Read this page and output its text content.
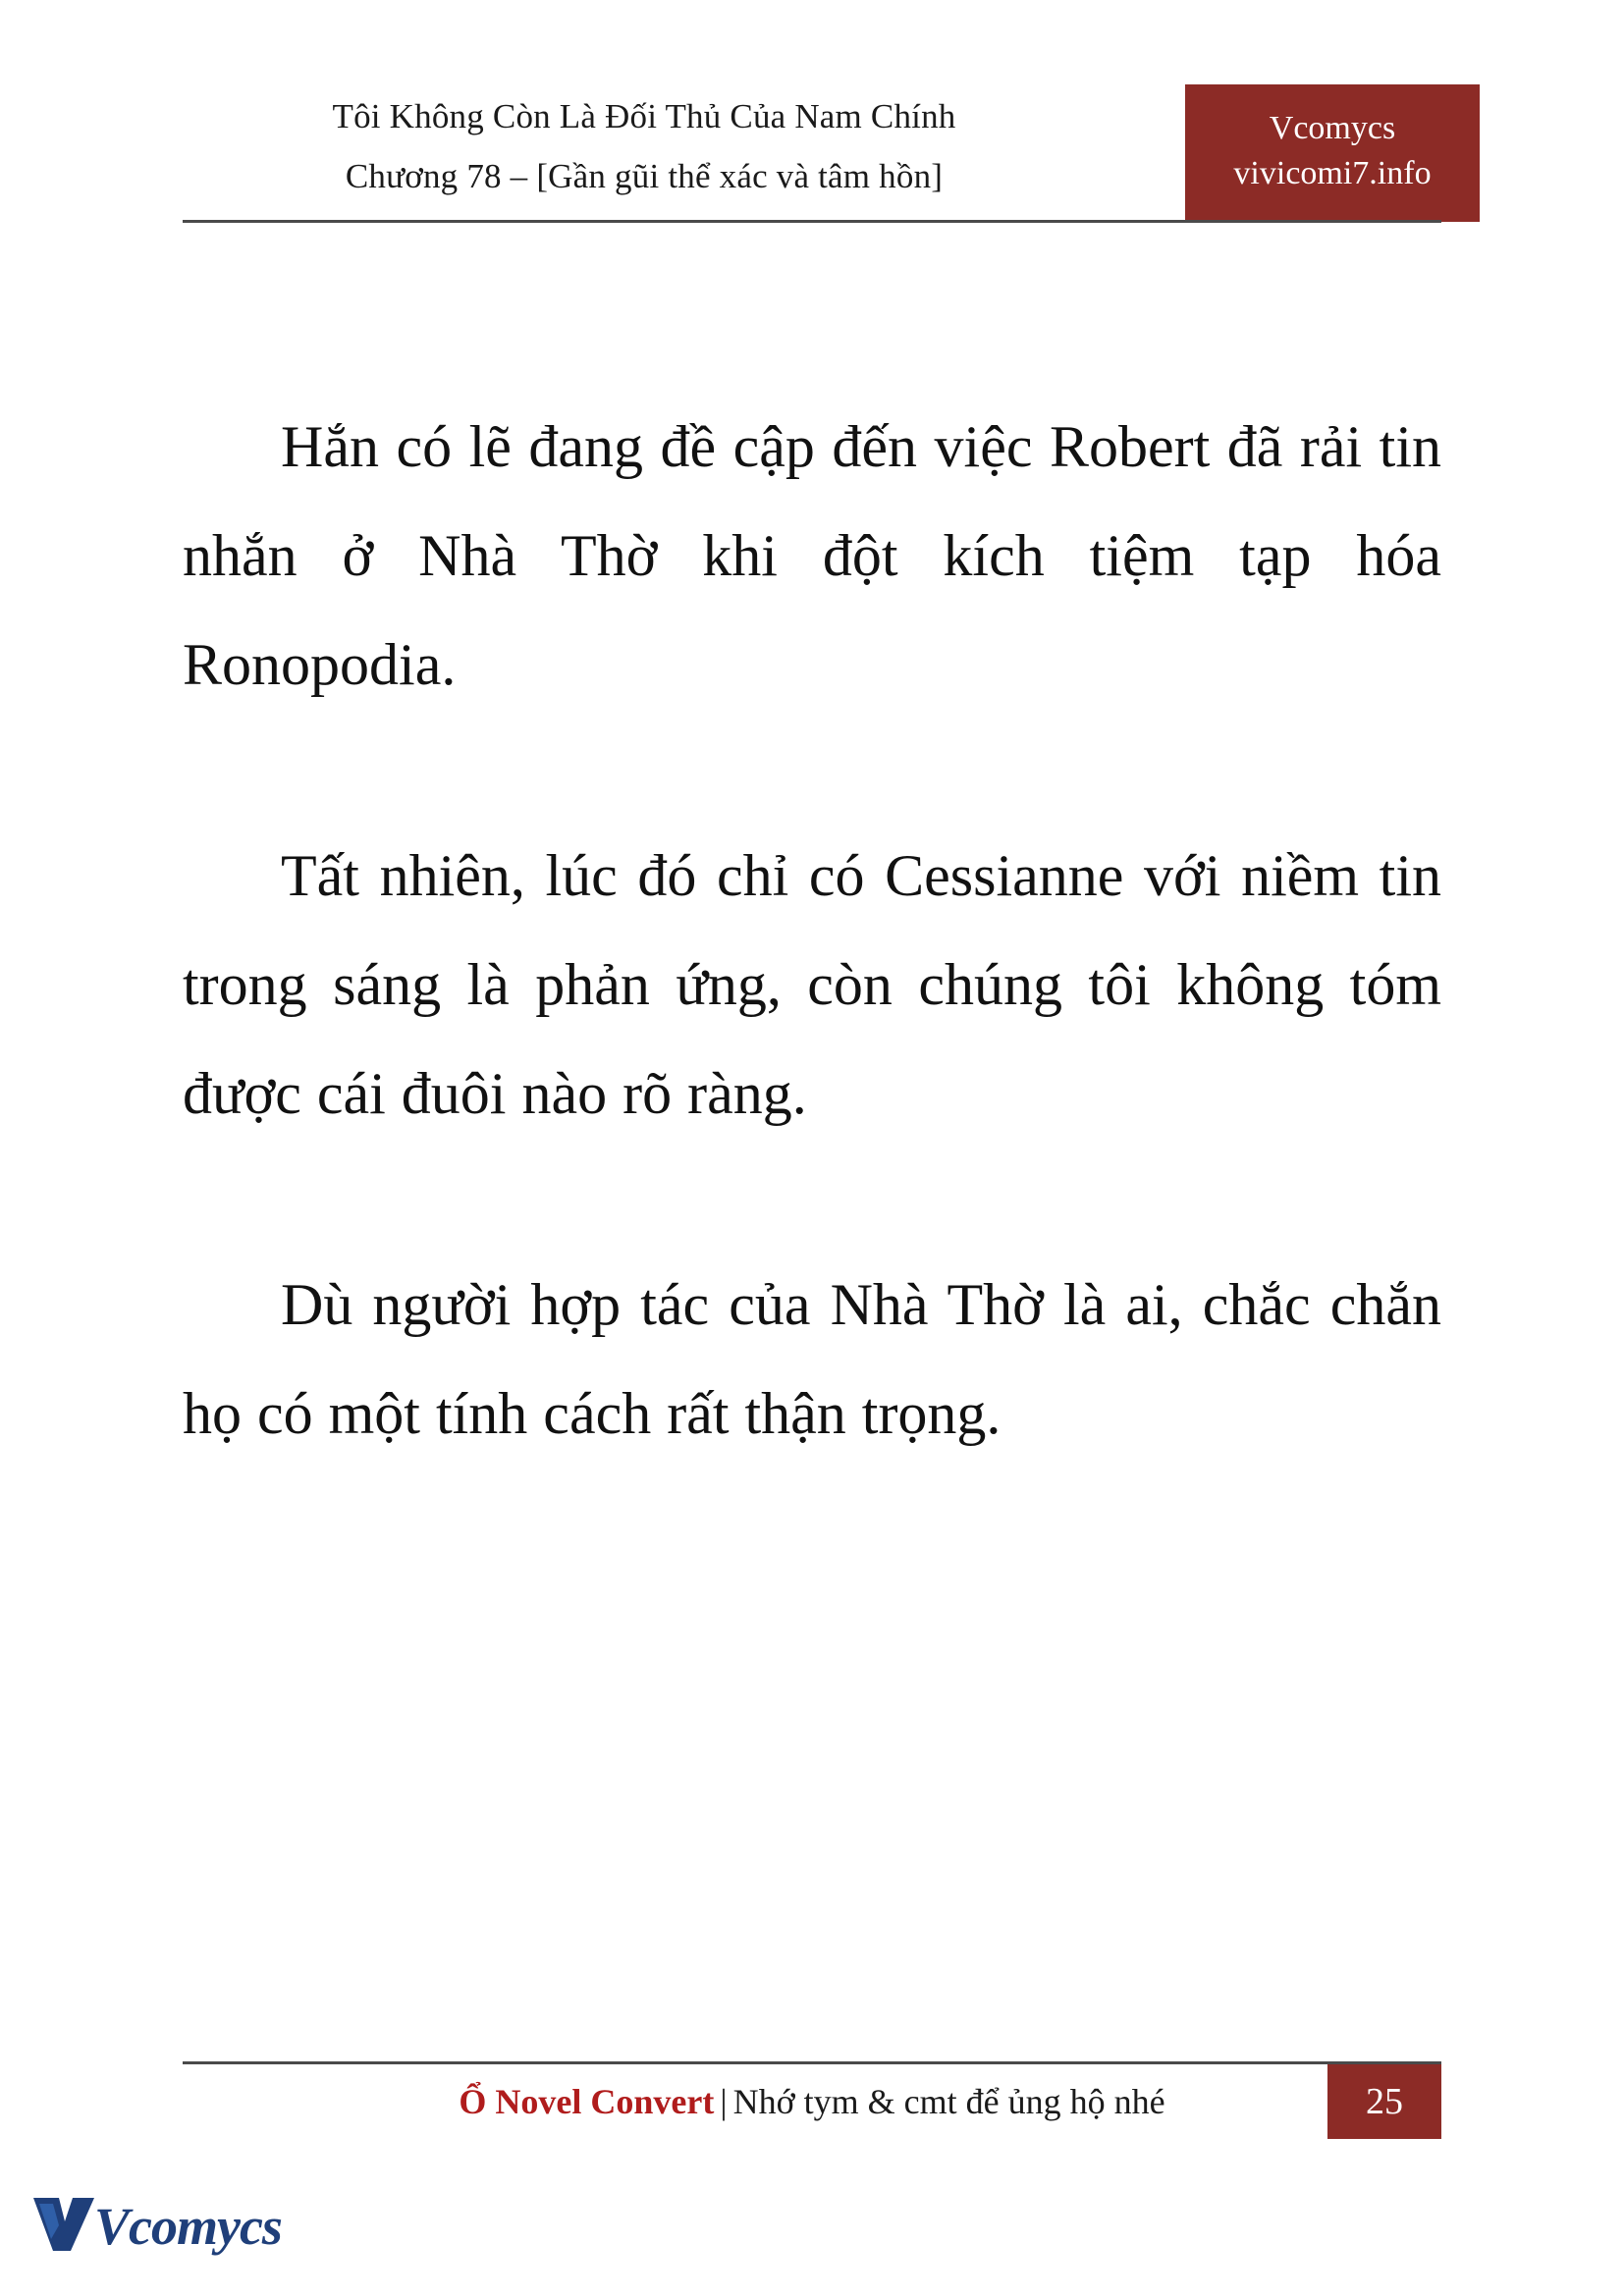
Tôi Không Còn Là Đối Thủ Của Nam Chính
Chương 78 – [Gần gũi thể xác và tâm hồn]
Vcomycs
vivicomi7.info

Hắn có lẽ đang đề cập đến việc Robert đã rải tin nhắn ở Nhà Thờ khi đột kích tiệm tạp hóa Ronopodia.

Tất nhiên, lúc đó chỉ có Cessianne với niềm tin trong sáng là phản ứng, còn chúng tôi không tóm được cái đuôi nào rõ ràng.

Dù người hợp tác của Nhà Thờ là ai, chắc chắn họ có một tính cách rất thận trọng.

Ổ Novel Convert | Nhớ tym & cmt để ủng hộ nhé	25
Vcomycs
